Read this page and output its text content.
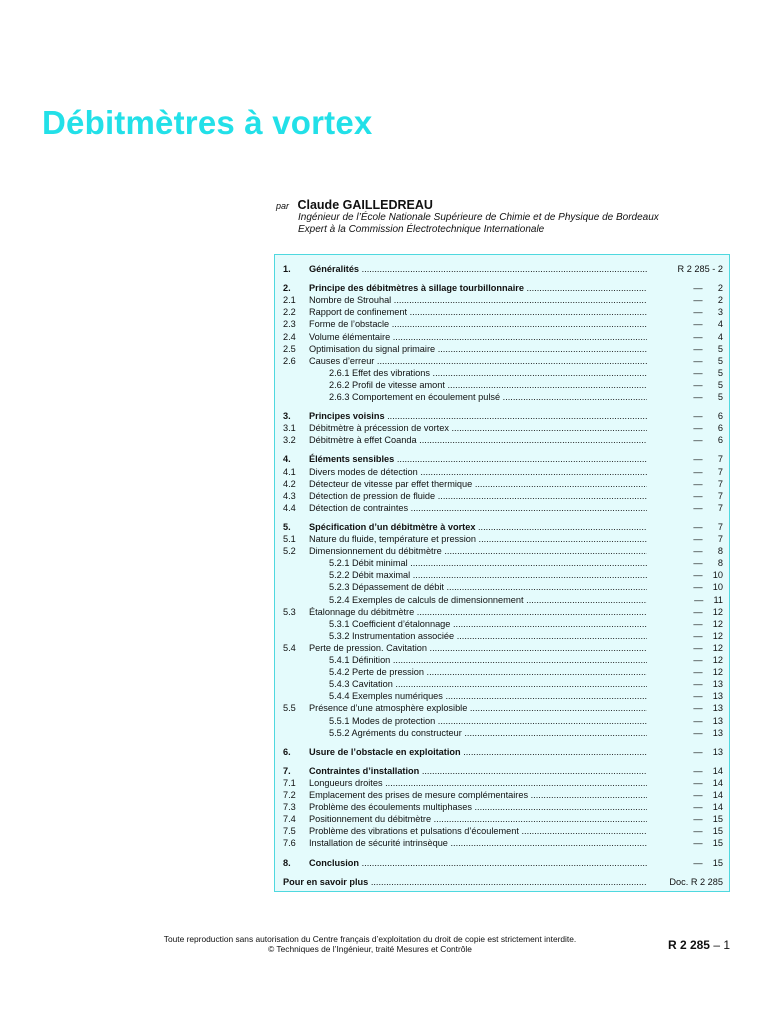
Débitmètres à vortex
par Claude GAILLEDREAU
Ingénieur de l’École Nationale Supérieure de Chimie et de Physique de Bordeaux
Expert à la Commission Électrotechnique Internationale
1. Généralités .....	R 2 285 - 2
2. Principe des débitmètres à sillage tourbillonnaire .....	—      2
2.1 Nombre de Strouhal .....	—      2
2.2 Rapport de confinement .....	—      3
2.3 Forme de l’obstacle .....	—      4
2.4 Volume élémentaire .....	—      4
2.5 Optimisation du signal primaire .....	—      5
2.6 Causes d’erreur .....	—      5
2.6.1 Effet des vibrations .....	—      5
2.6.2 Profil de vitesse amont .....	—      5
2.6.3 Comportement en écoulement pulsé .....	—      5
3. Principes voisins .....	—      6
3.1 Débitmètre à précession de vortex .....	—      6
3.2 Débitmètre à effet Coanda .....	—      6
4. Éléments sensibles .....	—      7
4.1 Divers modes de détection .....	—      7
4.2 Détecteur de vitesse par effet thermique .....	—      7
4.3 Détection de pression de fluide .....	—      7
4.4 Détection de contraintes .....	—      7
5. Spécification d’un débitmètre à vortex .....	—      7
5.1 Nature du fluide, température et pression .....	—      7
5.2 Dimensionnement du débitmètre .....	—      8
5.2.1 Débit minimal .....	—      8
5.2.2 Débit maximal .....	—    10
5.2.3 Dépassement de débit .....	—    10
5.2.4 Exemples de calculs de dimensionnement .....	—    11
5.3 Étalonnage du débitmètre .....	—    12
5.3.1 Coefficient d’étalonnage .....	—    12
5.3.2 Instrumentation associée .....	—    12
5.4 Perte de pression. Cavitation .....	—    12
5.4.1 Définition .....	—    12
5.4.2 Perte de pression .....	—    12
5.4.3 Cavitation .....	—    13
5.4.4 Exemples numériques .....	—    13
5.5 Présence d’une atmosphère explosible .....	—    13
5.5.1 Modes de protection .....	—    13
5.5.2 Agréments du constructeur .....	—    13
6. Usure de l’obstacle en exploitation .....	—    13
7. Contraintes d’installation .....	—    14
7.1 Longueurs droites .....	—    14
7.2 Emplacement des prises de mesure complémentaires .....	—    14
7.3 Problème des écoulements multiphases .....	—    14
7.4 Positionnement du débitmètre .....	—    15
7.5 Problème des vibrations et pulsations d’écoulement .....	—    15
7.6 Installation de sécurité intrinsèque .....	—    15
8. Conclusion .....	—    15
Pour en savoir plus .....	Doc. R 2 285
Toute reproduction sans autorisation du Centre français d’exploitation du droit de copie est strictement interdite.
© Techniques de l’Ingénieur, traité Mesures et Contrôle	R 2 285 – 1
